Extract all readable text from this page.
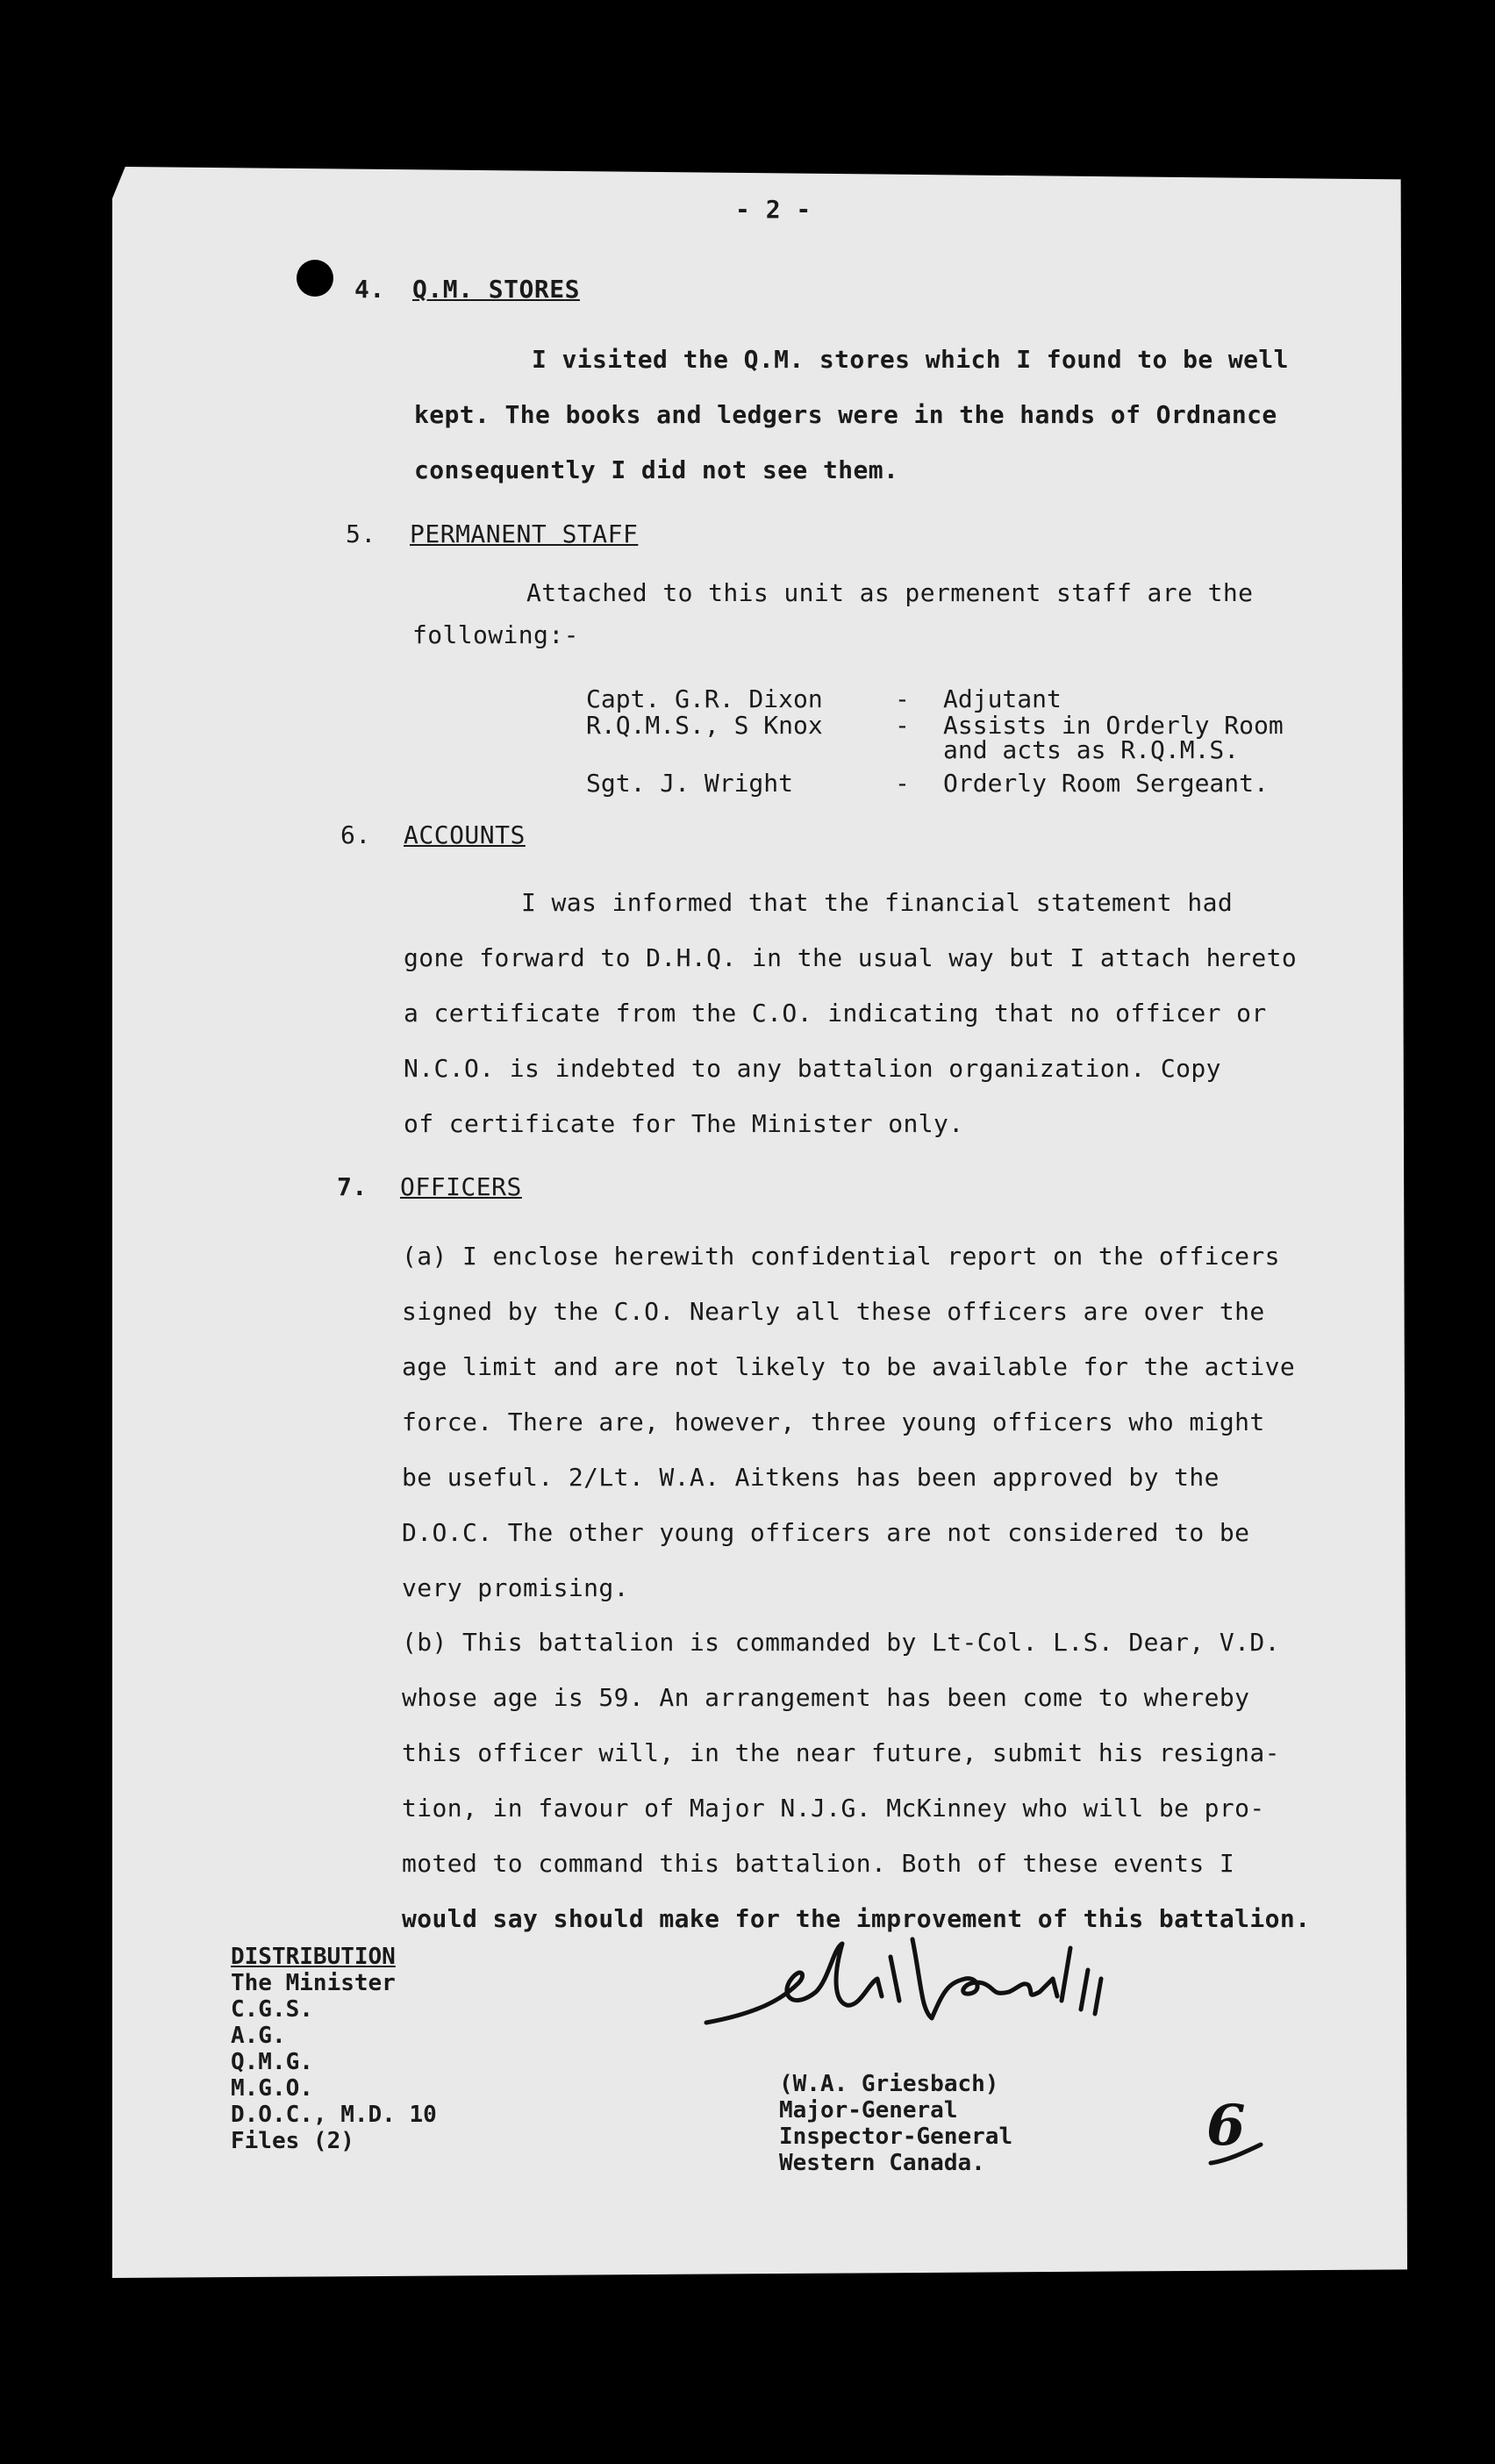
- 2 -
4. Q.M. STORES

I visited the Q.M. stores which I found to be well

kept. The books and ledgers were in the hands of Ordnance

consequently I did not see them.

5. PERMANENT STAFF

Attached to this unit as permenent staff are the

following:-

Capt. G.R. Dixon	- Adjutant
R.Q.M.S., S Knox	- Assists in Orderly Room
and acts as R.Q.M.S.
Sgt. J. Wright	- Orderly Room Sergeant.
6. ACCOUNTS

I was informed that the financial statement had

gone forward to D.H.Q. in the usual way but I attach hereto

a certificate from the C.O. indicating that no officer or

N.C.O. is indebted to any battalion organization. Copy

of certificate for The Minister only.

7. OFFICERS

(a) I enclose herewith confidential report on the officers

signed by the C.O. Nearly all these officers are over the

age limit and are not likely to be available for the active

force. There are, however, three young officers who might

be useful. 2/Lt. W.A. Aitkens has been approved by the

D.O.C. The other young officers are not considered to be

very promising.

(b) This battalion is commanded by Lt-Col. L.S. Dear, V.D.

whose age is 59. An arrangement has been come to whereby

this officer will, in the near future, submit his resigna-

tion, in favour of Major N.J.G. McKinney who will be pro-

moted to command this battalion. Both of these events I

would say should make for the improvement of this battalion.

DISTRIBUTION
The Minister
C.G.S.
A.G.
Q.M.G.
M.G.O.
D.O.C., M.D. 10
Files (2)
(W.A. Griesbach)
Major-General
Inspector-General
Western Canada.
6
